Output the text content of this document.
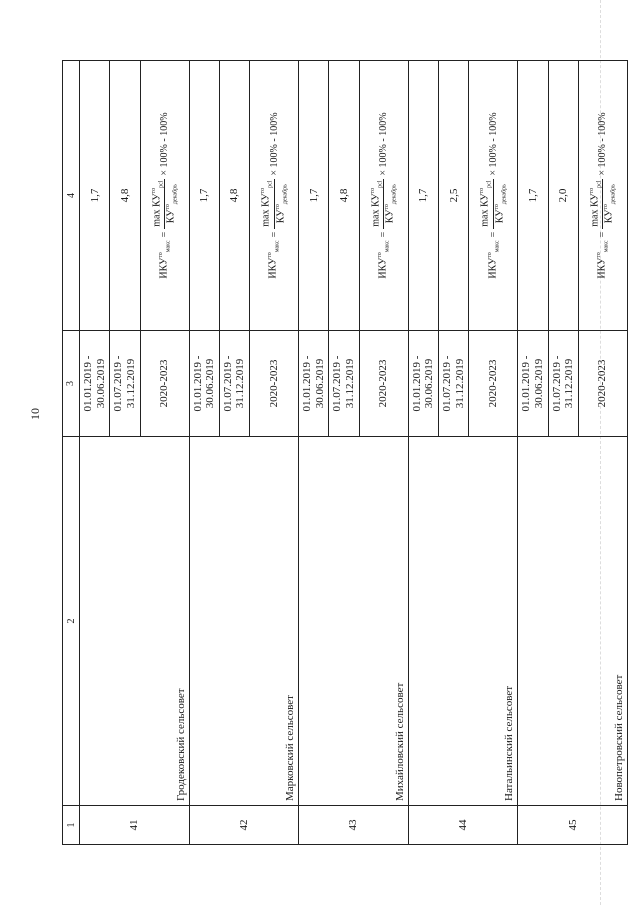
10
1	2	3	4
41	Гродековский сельсовет	01.01.2019 - 30.06.2019	1,7
		01.07.2019 - 31.12.2019	4,8
		2020-2023	$ИКУ^{то}_{макс}$
=
$\max КУ^{то}_{pcl}$
$КУ^{то}_{декабрь}$
× 100% - 100%

42	Марковский сельсовет	01.01.2019 - 30.06.2019	1,7
		01.07.2019 - 31.12.2019	4,8
		2020-2023	$ИКУ^{то}_{макс}$
=
$\max КУ^{то}_{pcl}$
$КУ^{то}_{декабрь}$
× 100% - 100%

43	Михайловский сельсовет	01.01.2019 - 30.06.2019	1,7
		01.07.2019 - 31.12.2019	4,8
		2020-2023	$ИКУ^{то}_{макс}$
=
$\max КУ^{то}_{pcl}$
$КУ^{то}_{декабрь}$
× 100% - 100%

44	Натальинский сельсовет	01.01.2019 - 30.06.2019	1,7
		01.07.2019 - 31.12.2019	2,5
		2020-2023	$ИКУ^{то}_{макс}$
=
$\max КУ^{то}_{pcl}$
$КУ^{то}_{декабрь}$
× 100% - 100%

45	Новопетровский сельсовет	01.01.2019 - 30.06.2019	1,7
		01.07.2019 - 31.12.2019	2,0
		2020-2023	$ИКУ^{то}_{макс}$
=
$\max КУ^{то}_{pcl}$
$КУ^{то}_{декабрь}$
× 100% - 100%
